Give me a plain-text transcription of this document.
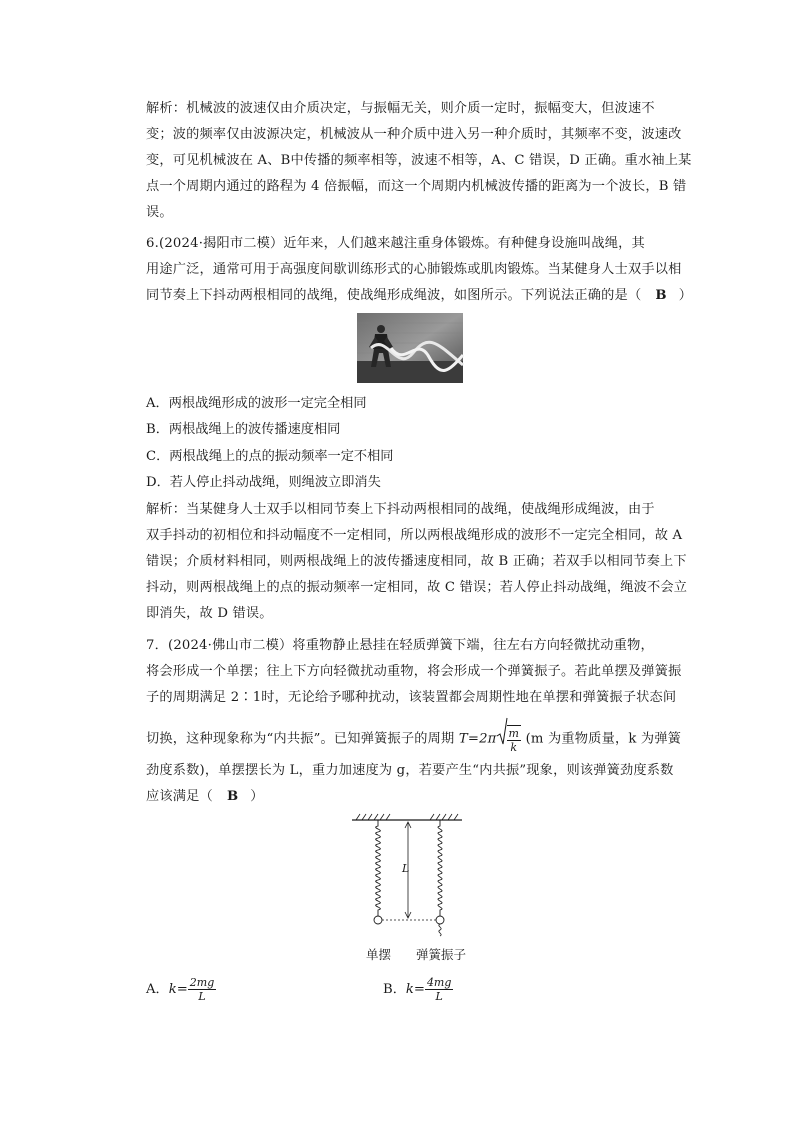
解析：机械波的波速仅由介质决定，与振幅无关，则介质一定时，振幅变大，但波速不
变；波的频率仅由波源决定，机械波从一种介质中进入另一种介质时，其频率不变，波速改
变，可见机械波在 A、B中传播的频率相等，波速不相等，A、C 错误，D 正确。重水袖上某
点一个周期内通过的路程为 4 倍振幅，而这一个周期内机械波传播的距离为一个波长，B 错
误。
6.(2024·揭阳市二模）近年来，人们越来越注重身体锻炼。有种健身设施叫战绳，其
用途广泛，通常可用于高强度间歇训练形式的心肺锻炼或肌肉锻炼。当某健身人士双手以相
同节奏上下抖动两根相同的战绳，使战绳形成绳波，如图所示。下列说法正确的是（ B ）
A．两根战绳形成的波形一定完全相同
B．两根战绳上的波传播速度相同
C．两根战绳上的点的振动频率一定不相同
D．若人停止抖动战绳，则绳波立即消失
解析：当某健身人士双手以相同节奏上下抖动两根相同的战绳，使战绳形成绳波，由于
双手抖动的初相位和抖动幅度不一定相同，所以两根战绳形成的波形不一定完全相同，故 A
错误；介质材料相同，则两根战绳上的波传播速度相同，故 B 正确；若双手以相同节奏上下
抖动，则两根战绳上的点的振动频率一定相同，故 C 错误；若人停止抖动战绳，绳波不会立
即消失，故 D 错误。
7．(2024·佛山市二模）将重物静止悬挂在轻质弹簧下端，往左右方向轻微扰动重物，
将会形成一个单摆；往上下方向轻微扰动重物，将会形成一个弹簧振子。若此单摆及弹簧振
子的周期满足 2∶1时，无论给予哪种扰动，该装置都会周期性地在单摆和弹簧振子状态间
切换，这种现象称为“内共振”。已知弹簧振子的周期 $T=2\pi \frac{m}{k} (m$ 为重物质量，k 为弹簧
劲度系数)，单摆摆长为 L，重力加速度为 g，若要产生“内共振”现象，则该弹簧劲度系数
应该满足（ B ）
L
单摆 弹簧振子
A．$k= \frac{2mg}{L}$	B．$k= \frac{4mg}{L}$
